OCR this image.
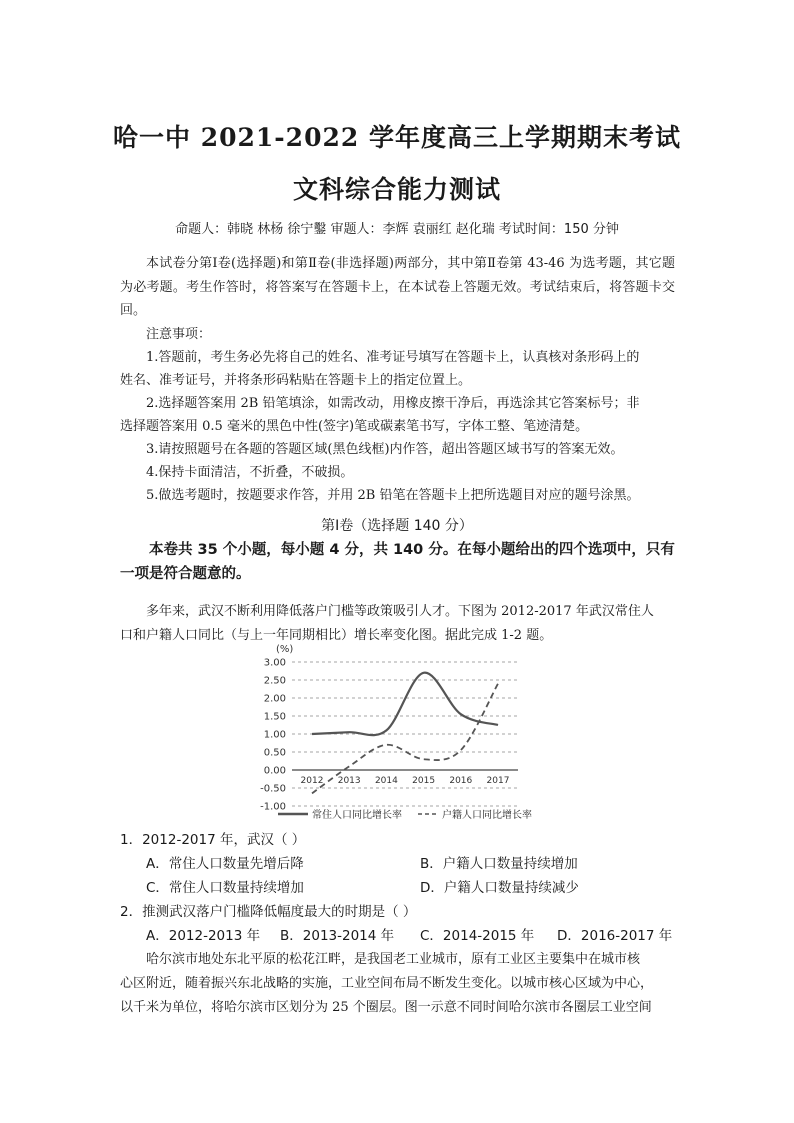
哈一中 2021-2022 学年度高三上学期期末考试
文科综合能力测试
命题人：韩晓 林杨 徐宁鑿 审题人：李辉 袁丽红 赵化瑞 考试时间：150 分钟
本试卷分第Ⅰ卷(选择题)和第Ⅱ卷(非选择题)两部分，其中第Ⅱ卷第 43-46 为选考题，其它题为必考题。考生作答时，将答案写在答题卡上，在本试卷上答题无效。考试结束后，将答题卡交回。
注意事项：
1.答题前，考生务必先将自己的姓名、准考证号填写在答题卡上，认真核对条形码上的
姓名、准考证号，并将条形码粘贴在答题卡上的指定位置上。
2.选择题答案用 2B 铅笔填涂，如需改动，用橡皮擦干净后，再选涂其它答案标号；非
选择题答案用 0.5 毫米的黑色中性(签字)笔或碳素笔书写，字体工整、笔迹清楚。
3.请按照题号在各题的答题区域(黑色线框)内作答，超出答题区域书写的答案无效。
4.保持卡面清洁，不折叠，不破损。
5.做选考题时，按题要求作答，并用 2B 铅笔在答题卡上把所选题目对应的题号涂黑。
第Ⅰ卷（选择题 140 分）
本卷共 35 个小题，每小题 4 分，共 140 分。在每小题给出的四个选项中，只有一项是符合题意的。
多年来，武汉不断利用降低落户门槛等政策吸引人才。下图为 2012-2017 年武汉常住人
口和户籍人口同比（与上一年同期相比）增长率变化图。据此完成 1-2 题。
(%)
3.00
2.50
2.00
1.50
1.00
0.50
0.00
-0.50
-1.00
2012 2013 2014 2015 2016 2017
常住人口同比增长率	户籍人口同比增长率
1．2012-2017 年，武汉（ ）
A．常住人口数量先增后降	B．户籍人口数量持续增加
C．常住人口数量持续增加	D．户籍人口数量持续减少
2．推测武汉落户门槛降低幅度最大的时期是（ ）
A．2012-2013 年 B．2013-2014 年 C．2014-2015 年 D．2016-2017 年
哈尔滨市地处东北平原的松花江畔，是我国老工业城市，原有工业区主要集中在城市核
心区附近，随着振兴东北战略的实施，工业空间布局不断发生变化。以城市核心区域为中心，
以千米为单位，将哈尔滨市区划分为 25 个圈层。图一示意不同时间哈尔滨市各圈层工业空间
